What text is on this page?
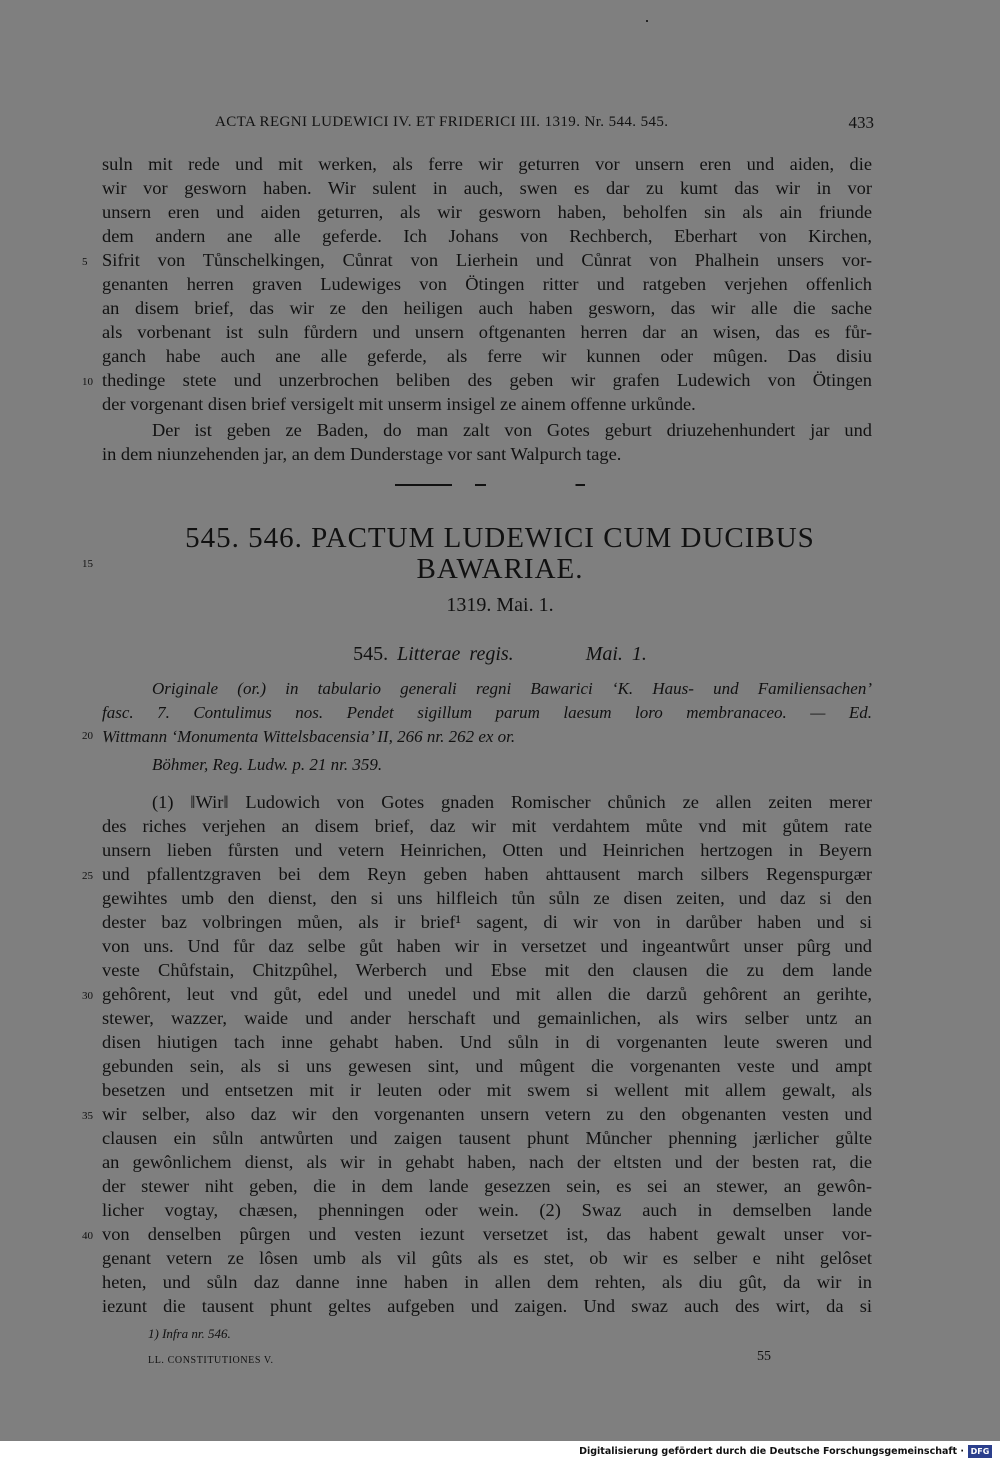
ACTA REGNI LUDEWICI IV. ET FRIDERICI III. 1319. Nr. 544. 545.	433
suln mit rede und mit werken, als ferre wir geturren vor unsern eren und aiden, die
wir vor gesworn haben. Wir sulent in auch, swen es dar zu kumt das wir in vor
unsern eren und aiden geturren, als wir gesworn haben, beholfen sin als ain friunde
dem andern ane alle geferde. Ich Johans von Rechberch, Eberhart von Kirchen,
Sifrit von Tůnschelkingen, Cůnrat von Lierhein und Cůnrat von Phalhein unsers vor-
genanten herren graven Ludewiges von Ötingen ritter und ratgeben verjehen offenlich
an disem brief, das wir ze den heiligen auch haben gesworn, das wir alle die sache
als vorbenant ist suln fůrdern und unsern oftgenanten herren dar an wisen, das es fůr-
ganch habe auch ane alle geferde, als ferre wir kunnen oder mûgen. Das disiu
thedinge stete und unzerbrochen beliben des geben wir grafen Ludewich von Ötingen
der vorgenant disen brief versigelt mit unserm insigel ze ainem offenne urkůnde.
Der ist geben ze Baden, do man zalt von Gotes geburt driuzehenhundert jar und
in dem niunzehenden jar, an dem Dunderstage vor sant Walpurch tage.
5
10
545. 546. PACTUM LUDEWICI CUM DUCIBUS
BAWARIAE.
15
1319. Mai. 1.
545. Litterae regis.	Mai. 1.
Originale (or.) in tabulario generali regni Bawarici ‘K. Haus- und Familiensachen’
fasc. 7. Contulimus nos. Pendet sigillum parum laesum loro membranaceo. — Ed.
Wittmann ‘Monumenta Wittelsbacensia’ II, 266 nr. 262 ex or.
Böhmer, Reg. Ludw. p. 21 nr. 359.
20
(1) ‖Wir‖ Ludowich von Gotes gnaden Romischer chůnich ze allen zeiten merer
des riches verjehen an disem brief, daz wir mit verdahtem můte vnd mit gůtem rate
unsern lieben fůrsten und vetern Heinrichen, Otten und Heinrichen hertzogen in Beyern
und pfallentzgraven bei dem Reyn geben haben ahttausent march silbers Regenspurgær
gewihtes umb den dienst, den si uns hilfleich tůn sůln ze disen zeiten, und daz si den
dester baz volbringen můen, als ir brief¹ sagent, di wir von in darůber haben und si
von uns. Und fůr daz selbe gůt haben wir in versetzet und ingeantwůrt unser pûrg und
veste Chůfstain, Chitzpûhel, Werberch und Ebse mit den clausen die zu dem lande
gehôrent, leut vnd gůt, edel und unedel und mit allen die darzů gehôrent an gerihte,
stewer, wazzer, waide und ander herschaft und gemainlichen, als wirs selber untz an
disen hiutigen tach inne gehabt haben. Und sůln in di vorgenanten leute sweren und
gebunden sein, als si uns gewesen sint, und mûgent die vorgenanten veste und ampt
besetzen und entsetzen mit ir leuten oder mit swem si wellent mit allem gewalt, als
wir selber, also daz wir den vorgenanten unsern vetern zu den obgenanten vesten und
clausen ein sůln antwůrten und zaigen tausent phunt Můncher phenning jærlicher gůlte
an gewônlichem dienst, als wir in gehabt haben, nach der eltsten und der besten rat, die
der stewer niht geben, die in dem lande gesezzen sein, es sei an stewer, an gewôn-
licher vogtay, chæsen, phenningen oder wein. (2) Swaz auch in demselben lande
von denselben pûrgen und vesten iezunt versetzet ist, das habent gewalt unser vor-
genant vetern ze lôsen umb als vil gûts als es stet, ob wir es selber e niht gelôset
heten, und sůln daz danne inne haben in allen dem rehten, als diu gût, da wir in
iezunt die tausent phunt geltes aufgeben und zaigen. Und swaz auch des wirt, da si
25
30
35
40
1) Infra nr. 546.
LL. CONSTITUTIONES V.	55
Digitalisierung gefördert durch die Deutsche Forschungsgemeinschaft · DFG
